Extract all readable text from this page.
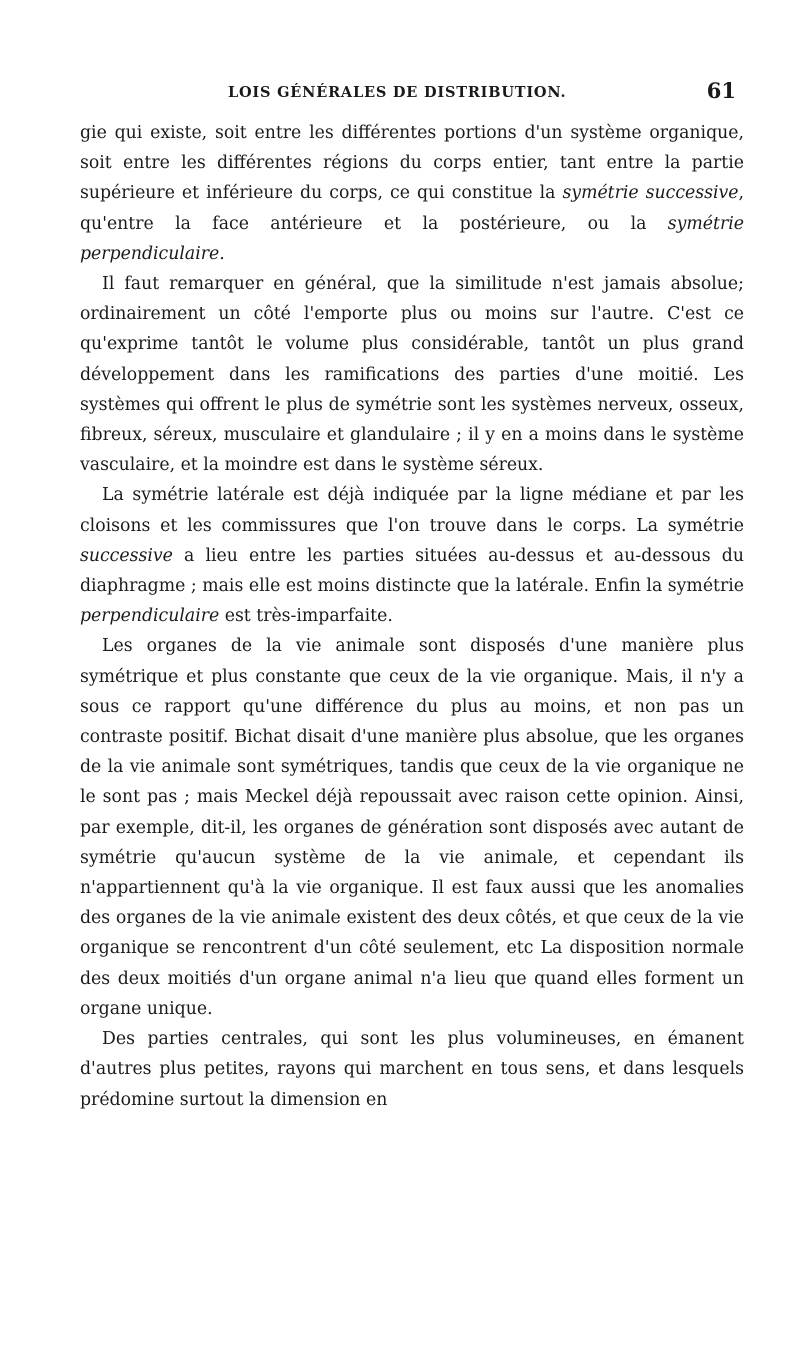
LOIS GÉNÉRALES DE DISTRIBUTION.	61

gie qui existe, soit entre les différentes portions d'un système organique, soit entre les différentes régions du corps entier, tant entre la partie supérieure et inférieure du corps, ce qui constitue la symétrie successive, qu'entre la face antérieure et la postérieure, ou la symétrie perpendiculaire.

Il faut remarquer en général, que la similitude n'est jamais absolue; ordinairement un côté l'emporte plus ou moins sur l'autre. C'est ce qu'exprime tantôt le volume plus considérable, tantôt un plus grand développement dans les ramifications des parties d'une moitié. Les systèmes qui offrent le plus de symétrie sont les systèmes nerveux, osseux, fibreux, séreux, musculaire et glandulaire ; il y en a moins dans le système vasculaire, et la moindre est dans le système séreux.

La symétrie latérale est déjà indiquée par la ligne médiane et par les cloisons et les commissures que l'on trouve dans le corps. La symétrie successive a lieu entre les parties situées au-dessus et au-dessous du diaphragme ; mais elle est moins distincte que la latérale. Enfin la symétrie perpendiculaire est très-imparfaite.

Les organes de la vie animale sont disposés d'une manière plus symétrique et plus constante que ceux de la vie organique. Mais, il n'y a sous ce rapport qu'une différence du plus au moins, et non pas un contraste positif. Bichat disait d'une manière plus absolue, que les organes de la vie animale sont symétriques, tandis que ceux de la vie organique ne le sont pas ; mais Meckel déjà repoussait avec raison cette opinion. Ainsi, par exemple, dit-il, les organes de génération sont disposés avec autant de symétrie qu'aucun système de la vie animale, et cependant ils n'appartiennent qu'à la vie organique. Il est faux aussi que les anomalies des organes de la vie animale existent des deux côtés, et que ceux de la vie organique se rencontrent d'un côté seulement, etc La disposition normale des deux moitiés d'un organe animal n'a lieu que quand elles forment un organe unique.

Des parties centrales, qui sont les plus volumineuses, en émanent d'autres plus petites, rayons qui marchent en tous sens, et dans lesquels prédomine surtout la dimension en
